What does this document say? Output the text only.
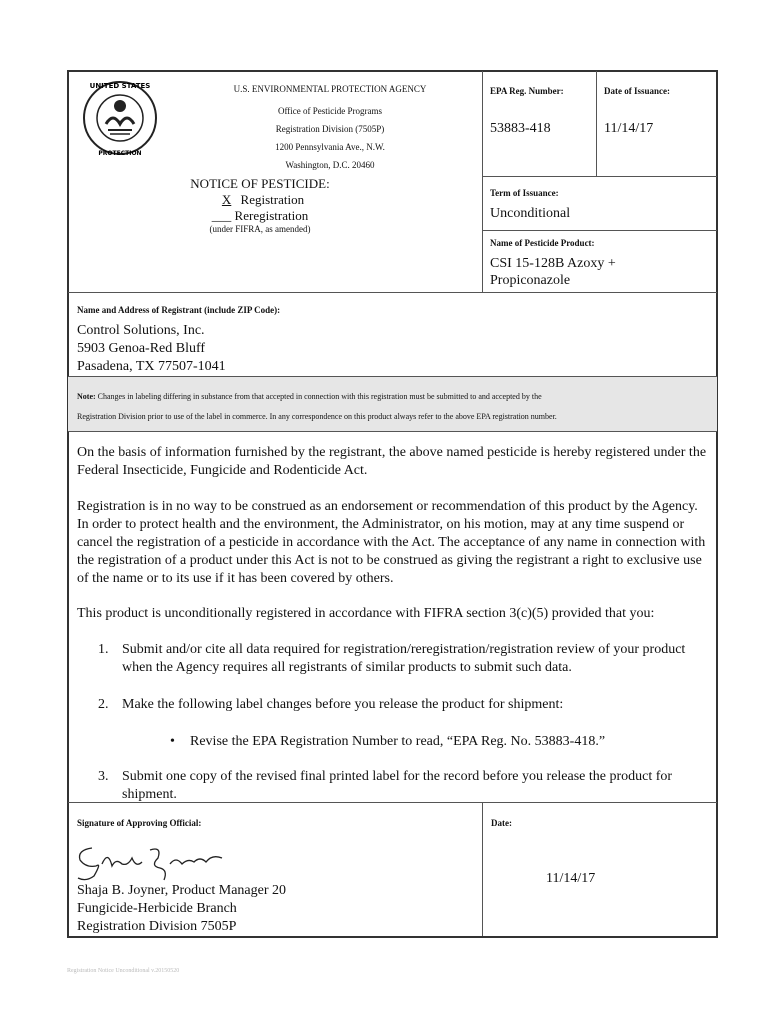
UNITED STATES
PROTECTION
U.S. ENVIRONMENTAL PROTECTION AGENCY
Office of Pesticide Programs
Registration Division (7505P)
1200 Pennsylvania Ave., N.W.
Washington, D.C. 20460
NOTICE OF PESTICIDE:
X Registration
___ Reregistration
(under FIFRA, as amended)
EPA Reg. Number:
53883-418
Date of Issuance:
11/14/17
Term of Issuance:
Unconditional
Name of Pesticide Product:
CSI 15-128B Azoxy +
Propiconazole
Name and Address of Registrant (include ZIP Code):
Control Solutions, Inc.
5903 Genoa-Red Bluff
Pasadena, TX 77507-1041
Note: Changes in labeling differing in substance from that accepted in connection with this registration must be submitted to and accepted by the
Registration Division prior to use of the label in commerce. In any correspondence on this product always refer to the above EPA registration number.
On the basis of information furnished by the registrant, the above named pesticide is hereby registered under the Federal Insecticide, Fungicide and Rodenticide Act.
Registration is in no way to be construed as an endorsement or recommendation of this product by the Agency. In order to protect health and the environment, the Administrator, on his motion, may at any time suspend or cancel the registration of a pesticide in accordance with the Act. The acceptance of any name in connection with the registration of a product under this Act is not to be construed as giving the registrant a right to exclusive use of the name or to its use if it has been covered by others.
This product is unconditionally registered in accordance with FIFRA section 3(c)(5) provided that you:
1. Submit and/or cite all data required for registration/reregistration/registration review of your product when the Agency requires all registrants of similar products to submit such data.
2. Make the following label changes before you release the product for shipment:
• Revise the EPA Registration Number to read, “EPA Reg. No. 53883-418.”
3. Submit one copy of the revised final printed label for the record before you release the product for shipment.
Signature of Approving Official:
Shaja B. Joyner, Product Manager 20
Fungicide-Herbicide Branch
Registration Division 7505P
Date:
11/14/17
Registration Notice Unconditional v.20150520
